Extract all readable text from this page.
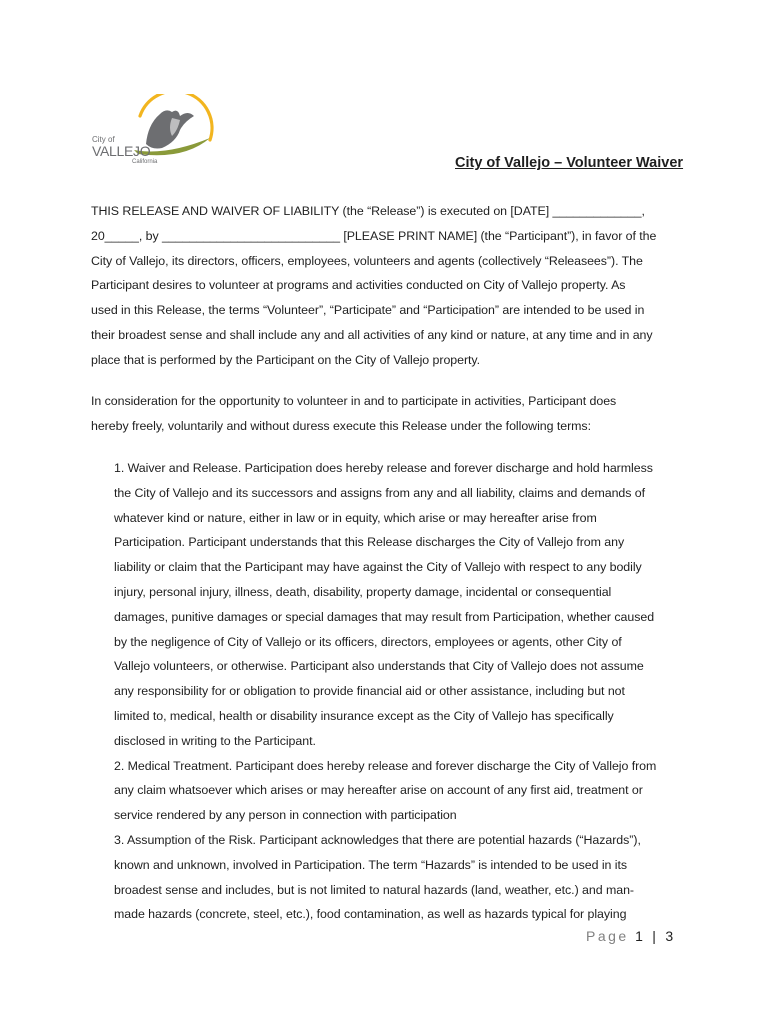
City of
VALLEJO
California	City of Vallejo – Volunteer Waiver
THIS RELEASE AND WAIVER OF LIABILITY (the “Release”) is executed on [DATE] _____________,
20_____, by __________________________ [PLEASE PRINT NAME] (the “Participant”), in favor of the
City of Vallejo, its directors, officers, employees, volunteers and agents (collectively “Releasees”). The
Participant desires to volunteer at programs and activities conducted on City of Vallejo property. As
used in this Release, the terms “Volunteer”, “Participate” and “Participation” are intended to be used in
their broadest sense and shall include any and all activities of any kind or nature, at any time and in any
place that is performed by the Participant on the City of Vallejo property.
In consideration for the opportunity to volunteer in and to participate in activities, Participant does
hereby freely, voluntarily and without duress execute this Release under the following terms:
1. Waiver and Release. Participation does hereby release and forever discharge and hold harmless
the City of Vallejo and its successors and assigns from any and all liability, claims and demands of
whatever kind or nature, either in law or in equity, which arise or may hereafter arise from
Participation. Participant understands that this Release discharges the City of Vallejo from any
liability or claim that the Participant may have against the City of Vallejo with respect to any bodily
injury, personal injury, illness, death, disability, property damage, incidental or consequential
damages, punitive damages or special damages that may result from Participation, whether caused
by the negligence of City of Vallejo or its officers, directors, employees or agents, other City of
Vallejo volunteers, or otherwise. Participant also understands that City of Vallejo does not assume
any responsibility for or obligation to provide financial aid or other assistance, including but not
limited to, medical, health or disability insurance except as the City of Vallejo has specifically
disclosed in writing to the Participant.
2. Medical Treatment. Participant does hereby release and forever discharge the City of Vallejo from
any claim whatsoever which arises or may hereafter arise on account of any first aid, treatment or
service rendered by any person in connection with participation
3. Assumption of the Risk. Participant acknowledges that there are potential hazards (“Hazards”),
known and unknown, involved in Participation. The term “Hazards” is intended to be used in its
broadest sense and includes, but is not limited to natural hazards (land, weather, etc.) and man-
made hazards (concrete, steel, etc.), food contamination, as well as hazards typical for playing
Page 1 | 3
